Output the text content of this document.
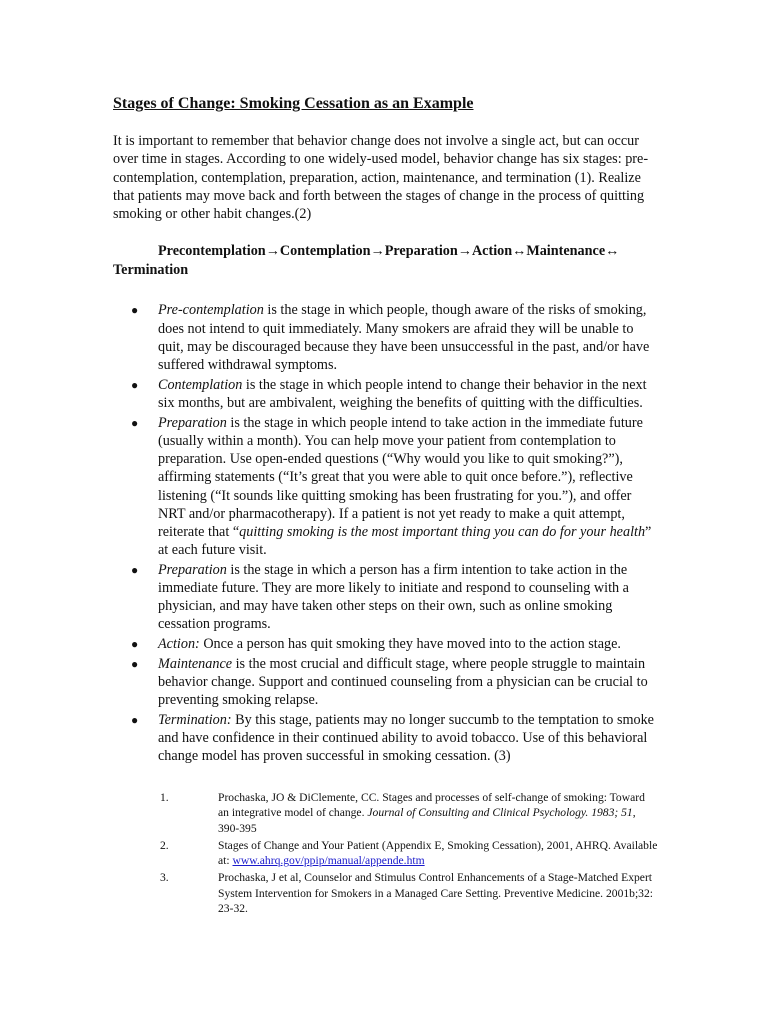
Stages of Change: Smoking Cessation as an Example

It is important to remember that behavior change does not involve a single act, but can occur over time in stages. According to one widely-used model, behavior change has six stages: pre-contemplation, contemplation, preparation, action, maintenance, and termination (1). Realize that patients may move back and forth between the stages of change in the process of quitting smoking or other habit changes.(2)

Precontemplation→Contemplation→Preparation→Action↔Maintenance↔
Termination

● Pre-contemplation is the stage in which people, though aware of the risks of smoking, does not intend to quit immediately. Many smokers are afraid they will be unable to quit, may be discouraged because they have been unsuccessful in the past, and/or have suffered withdrawal symptoms.
● Contemplation is the stage in which people intend to change their behavior in the next six months, but are ambivalent, weighing the benefits of quitting with the difficulties.
● Preparation is the stage in which people intend to take action in the immediate future (usually within a month). You can help move your patient from contemplation to preparation. Use open-ended questions (“Why would you like to quit smoking?”), affirming statements (“It’s great that you were able to quit once before.”), reflective listening (“It sounds like quitting smoking has been frustrating for you.”), and offer NRT and/or pharmacotherapy). If a patient is not yet ready to make a quit attempt, reiterate that “quitting smoking is the most important thing you can do for your health” at each future visit.
● Preparation is the stage in which a person has a firm intention to take action in the immediate future. They are more likely to initiate and respond to counseling with a physician, and may have taken other steps on their own, such as online smoking cessation programs.
● Action: Once a person has quit smoking they have moved into to the action stage.
● Maintenance is the most crucial and difficult stage, where people struggle to maintain behavior change. Support and continued counseling from a physician can be crucial to preventing smoking relapse.
● Termination: By this stage, patients may no longer succumb to the temptation to smoke and have confidence in their continued ability to avoid tobacco. Use of this behavioral change model has proven successful in smoking cessation. (3)
1.	Prochaska, JO & DiClemente, CC. Stages and processes of self-change of smoking: Toward an integrative model of change. Journal of Consulting and Clinical Psychology. 1983; 51, 390-395
2.	Stages of Change and Your Patient (Appendix E, Smoking Cessation), 2001, AHRQ. Available at: www.ahrq.gov/ppip/manual/appende.htm
3.	Prochaska, J et al, Counselor and Stimulus Control Enhancements of a Stage-Matched Expert System Intervention for Smokers in a Managed Care Setting. Preventive Medicine. 2001b;32: 23-32.
